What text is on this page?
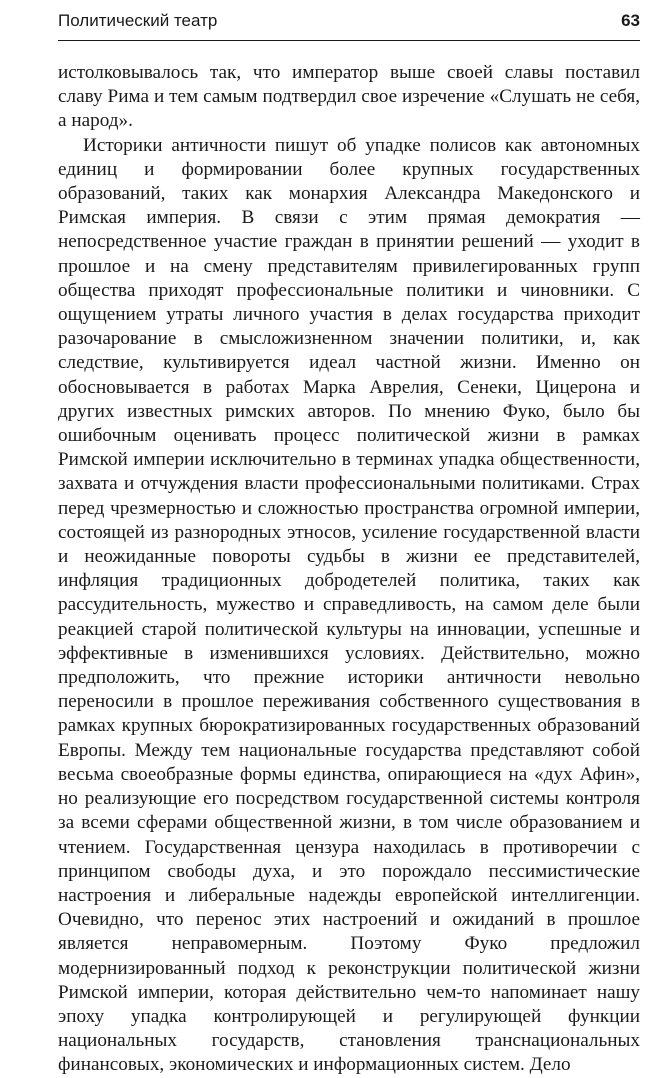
Политический театр	63

истолковывалось так, что император выше своей славы поставил славу Рима и тем самым подтвердил свое изречение «Слушать не себя, а народ».

Историки античности пишут об упадке полисов как автономных единиц и формировании более крупных государственных образований, таких как монархия Александра Македонского и Римская империя. В связи с этим прямая демократия — непосредственное участие граждан в принятии решений — уходит в прошлое и на смену представителям привилегированных групп общества приходят профессиональные политики и чиновники. С ощущением утраты личного участия в делах государства приходит разочарование в смысложизненном значении политики, и, как следствие, культивируется идеал частной жизни. Именно он обосновывается в работах Марка Аврелия, Сенеки, Цицерона и других известных римских авторов. По мнению Фуко, было бы ошибочным оценивать процесс политической жизни в рамках Римской империи исключительно в терминах упадка общественности, захвата и отчуждения власти профессиональными политиками. Страх перед чрезмерностью и сложностью пространства огромной империи, состоящей из разнородных этносов, усиление государственной власти и неожиданные повороты судьбы в жизни ее представителей, инфляция традиционных добродетелей политика, таких как рассудительность, мужество и справедливость, на самом деле были реакцией старой политической культуры на инновации, успешные и эффективные в изменившихся условиях. Действительно, можно предположить, что прежние историки античности невольно переносили в прошлое переживания собственного существования в рамках крупных бюрократизированных государственных образований Европы. Между тем национальные государства представляют собой весьма своеобразные формы единства, опирающиеся на «дух Афин», но реализующие его посредством государственной системы контроля за всеми сферами общественной жизни, в том числе образованием и чтением. Государственная цензура находилась в противоречии с принципом свободы духа, и это порождало пессимистические настроения и либеральные надежды европейской интеллигенции. Очевидно, что перенос этих настроений и ожиданий в прошлое является неправомерным. Поэтому Фуко предложил модернизированный подход к реконструкции политической жизни Римской империи, которая действительно чем-то напоминает нашу эпоху упадка контролирующей и регулирующей функции национальных государств, становления транснациональных финансовых, экономических и информационных систем. Дело
